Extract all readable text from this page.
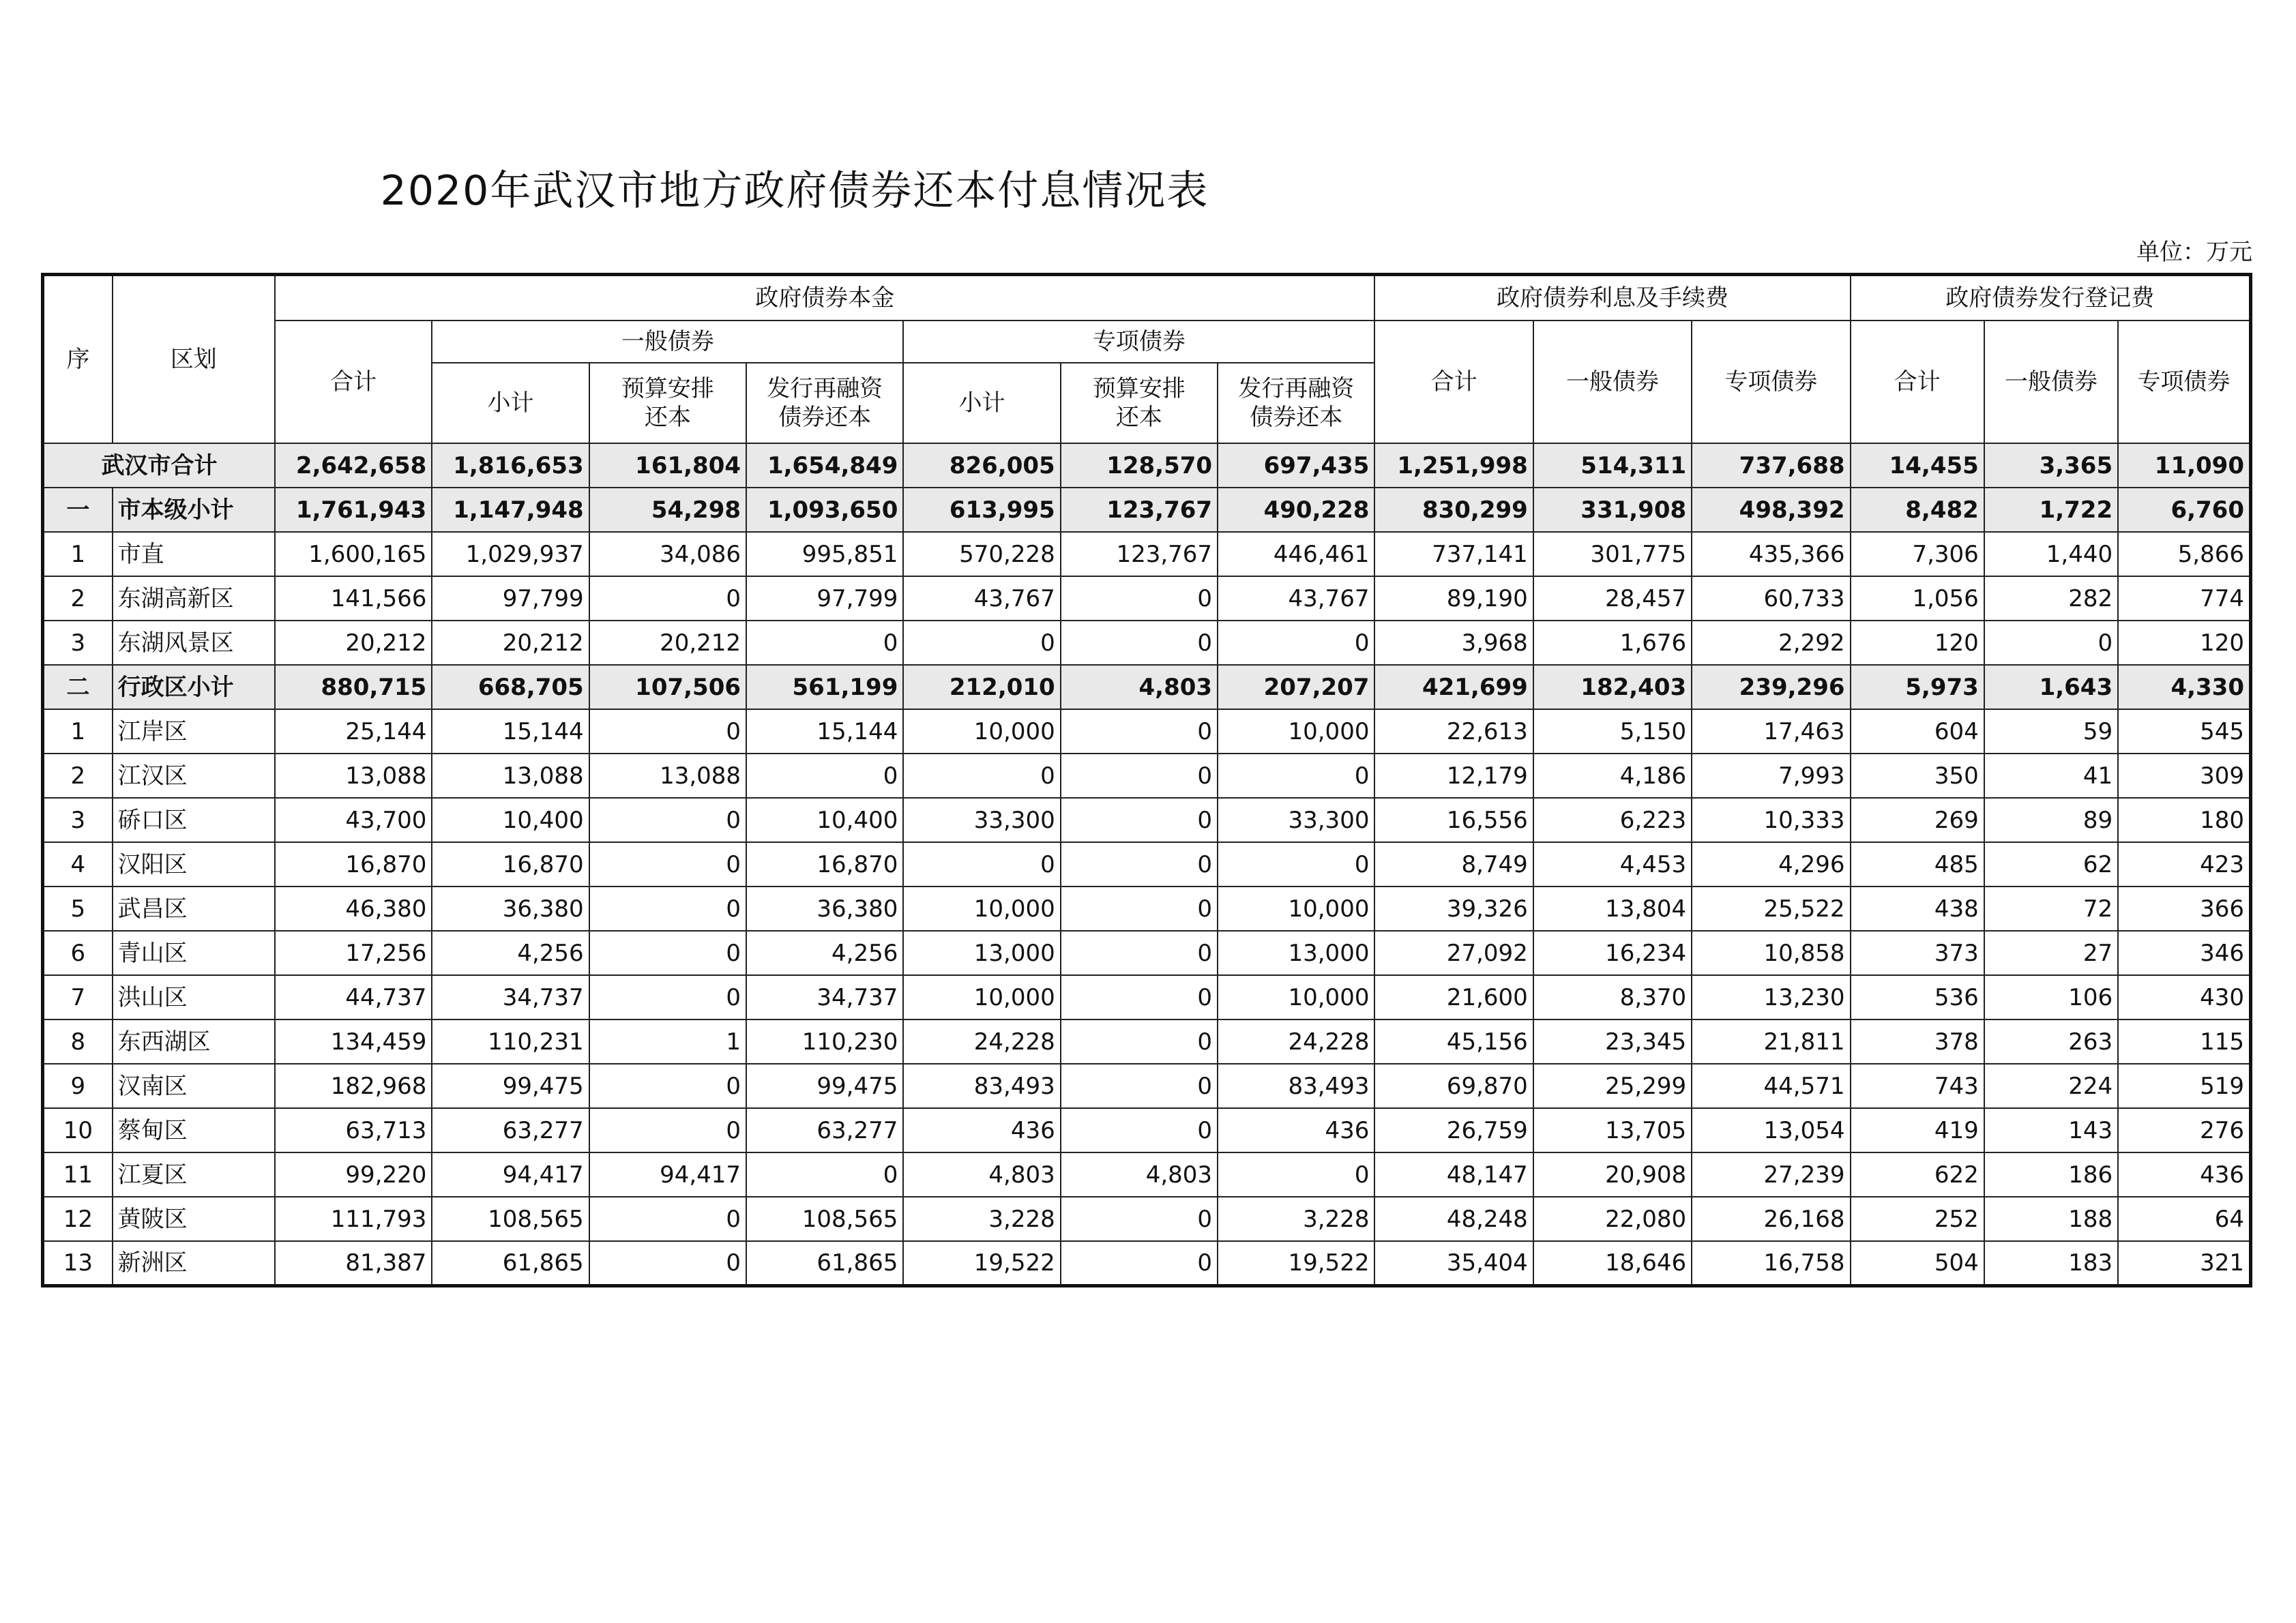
2020年武汉市地方政府债券还本付息情况表
单位：万元
序	区划	政府债券本金							政府债券利息及手续费			政府债券发行登记费		
		合计	一般债券			专项债券			合计	一般债券	专项债券	合计	一般债券	专项债券
			小计	预算安排还本	发行再融资债券还本	小计	预算安排还本	发行再融资债券还本						
武汉市合计		2,642,658	1,816,653	161,804	1,654,849	826,005	128,570	697,435	1,251,998	514,311	737,688	14,455	3,365	11,090
一	市本级小计	1,761,943	1,147,948	54,298	1,093,650	613,995	123,767	490,228	830,299	331,908	498,392	8,482	1,722	6,760
1	市直	1,600,165	1,029,937	34,086	995,851	570,228	123,767	446,461	737,141	301,775	435,366	7,306	1,440	5,866
2	东湖高新区	141,566	97,799	0	97,799	43,767	0	43,767	89,190	28,457	60,733	1,056	282	774
3	东湖风景区	20,212	20,212	20,212	0	0	0	0	3,968	1,676	2,292	120	0	120
二	行政区小计	880,715	668,705	107,506	561,199	212,010	4,803	207,207	421,699	182,403	239,296	5,973	1,643	4,330
1	江岸区	25,144	15,144	0	15,144	10,000	0	10,000	22,613	5,150	17,463	604	59	545
2	江汉区	13,088	13,088	13,088	0	0	0	0	12,179	4,186	7,993	350	41	309
3	硚口区	43,700	10,400	0	10,400	33,300	0	33,300	16,556	6,223	10,333	269	89	180
4	汉阳区	16,870	16,870	0	16,870	0	0	0	8,749	4,453	4,296	485	62	423
5	武昌区	46,380	36,380	0	36,380	10,000	0	10,000	39,326	13,804	25,522	438	72	366
6	青山区	17,256	4,256	0	4,256	13,000	0	13,000	27,092	16,234	10,858	373	27	346
7	洪山区	44,737	34,737	0	34,737	10,000	0	10,000	21,600	8,370	13,230	536	106	430
8	东西湖区	134,459	110,231	1	110,230	24,228	0	24,228	45,156	23,345	21,811	378	263	115
9	汉南区	182,968	99,475	0	99,475	83,493	0	83,493	69,870	25,299	44,571	743	224	519
10	蔡甸区	63,713	63,277	0	63,277	436	0	436	26,759	13,705	13,054	419	143	276
11	江夏区	99,220	94,417	94,417	0	4,803	4,803	0	48,147	20,908	27,239	622	186	436
12	黄陂区	111,793	108,565	0	108,565	3,228	0	3,228	48,248	22,080	26,168	252	188	64
13	新洲区	81,387	61,865	0	61,865	19,522	0	19,522	35,404	18,646	16,758	504	183	321
